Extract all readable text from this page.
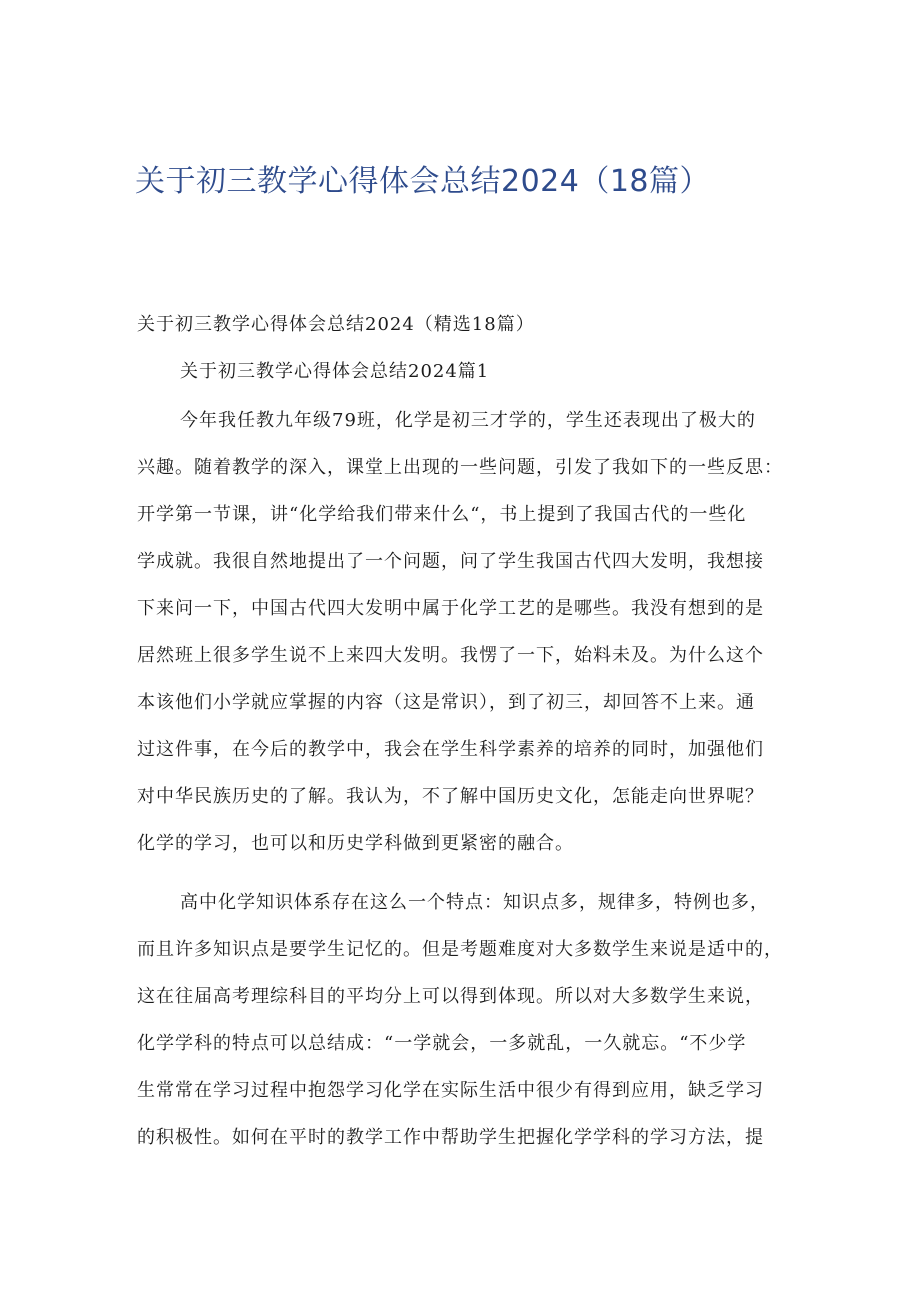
关于初三教学心得体会总结2024（18篇）

关于初三教学心得体会总结2024（精选18篇）

关于初三教学心得体会总结2024篇1

今年我任教九年级79班，化学是初三才学的，学生还表现出了极大的
兴趣。随着教学的深入，课堂上出现的一些问题，引发了我如下的一些反思：
开学第一节课，讲“化学给我们带来什么“，书上提到了我国古代的一些化
学成就。我很自然地提出了一个问题，问了学生我国古代四大发明，我想接
下来问一下，中国古代四大发明中属于化学工艺的是哪些。我没有想到的是
居然班上很多学生说不上来四大发明。我愣了一下，始料未及。为什么这个
本该他们小学就应掌握的内容（这是常识），到了初三，却回答不上来。通
过这件事，在今后的教学中，我会在学生科学素养的培养的同时，加强他们
对中华民族历史的了解。我认为，不了解中国历史文化，怎能走向世界呢？
化学的学习，也可以和历史学科做到更紧密的融合。
高中化学知识体系存在这么一个特点：知识点多，规律多，特例也多，
而且许多知识点是要学生记忆的。但是考题难度对大多数学生来说是适中的，
这在往届高考理综科目的平均分上可以得到体现。所以对大多数学生来说，
化学学科的特点可以总结成：“一学就会，一多就乱，一久就忘。“不少学
生常常在学习过程中抱怨学习化学在实际生活中很少有得到应用，缺乏学习
的积极性。如何在平时的教学工作中帮助学生把握化学学科的学习方法，提
